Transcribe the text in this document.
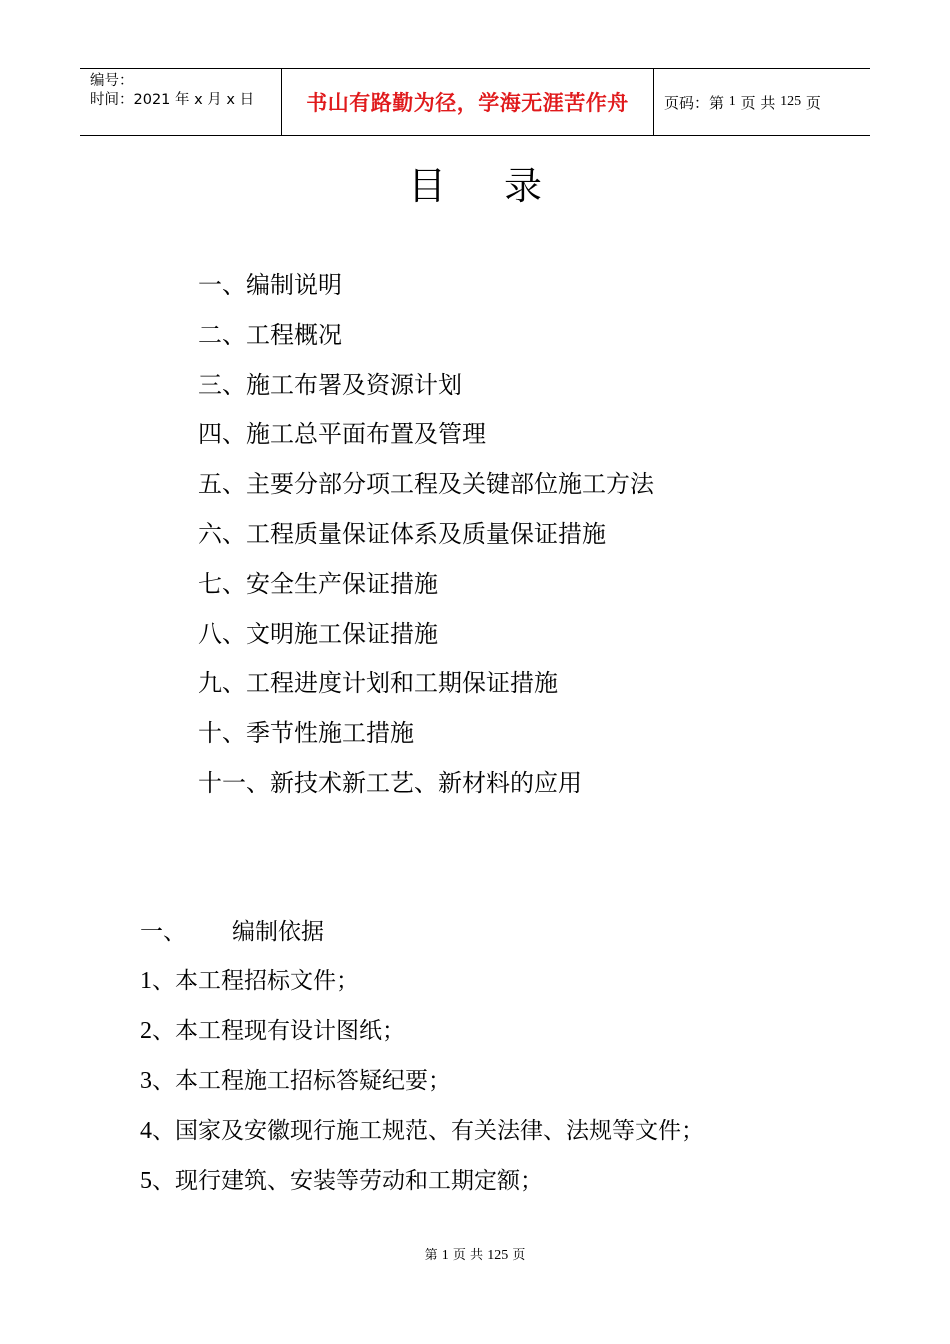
编号：
时间：2021 年 x 月 x 日	书山有路勤为径，学海无涯苦作舟	页码：第
1
页 共
125
页
目 录
一、编制说明
二、工程概况
三、施工布署及资源计划
四、施工总平面布置及管理
五、主要分部分项工程及关键部位施工方法
六、工程质量保证体系及质量保证措施
七、安全生产保证措施
八、文明施工保证措施
九、工程进度计划和工期保证措施
十、季节性施工措施
十一、新技术新工艺、新材料的应用
一、 编制依据
1、本工程招标文件；
2、本工程现有设计图纸；
3、本工程施工招标答疑纪要；
4、国家及安徽现行施工规范、有关法律、法规等文件；
5、现行建筑、安装等劳动和工期定额；
第 1 页 共 125 页
